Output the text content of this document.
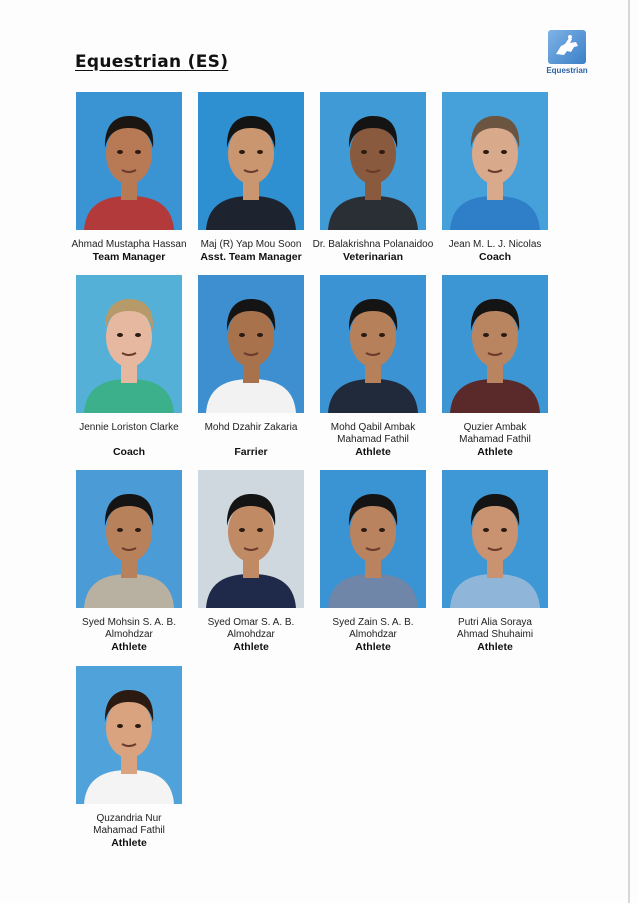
Equestrian (ES)	Equestrian
Ahmad Mustapha Hassan
Team Manager
Maj (R) Yap Mou Soon
Asst. Team Manager
Dr. Balakrishna Polanaidoo
Veterinarian
Jean M. L. J. Nicolas
Coach
Jennie Loriston Clarke

Coach
Mohd Dzahir Zakaria

Farrier
Mohd Qabil Ambak
Mahamad Fathil
Athlete
Quzier Ambak
Mahamad Fathil
Athlete
Syed Mohsin S. A. B.
Almohdzar
Athlete
Syed Omar S. A. B.
Almohdzar
Athlete
Syed Zain S. A. B.
Almohdzar
Athlete
Putri Alia Soraya
Ahmad Shuhaimi
Athlete
Quzandria Nur
Mahamad Fathil
Athlete
